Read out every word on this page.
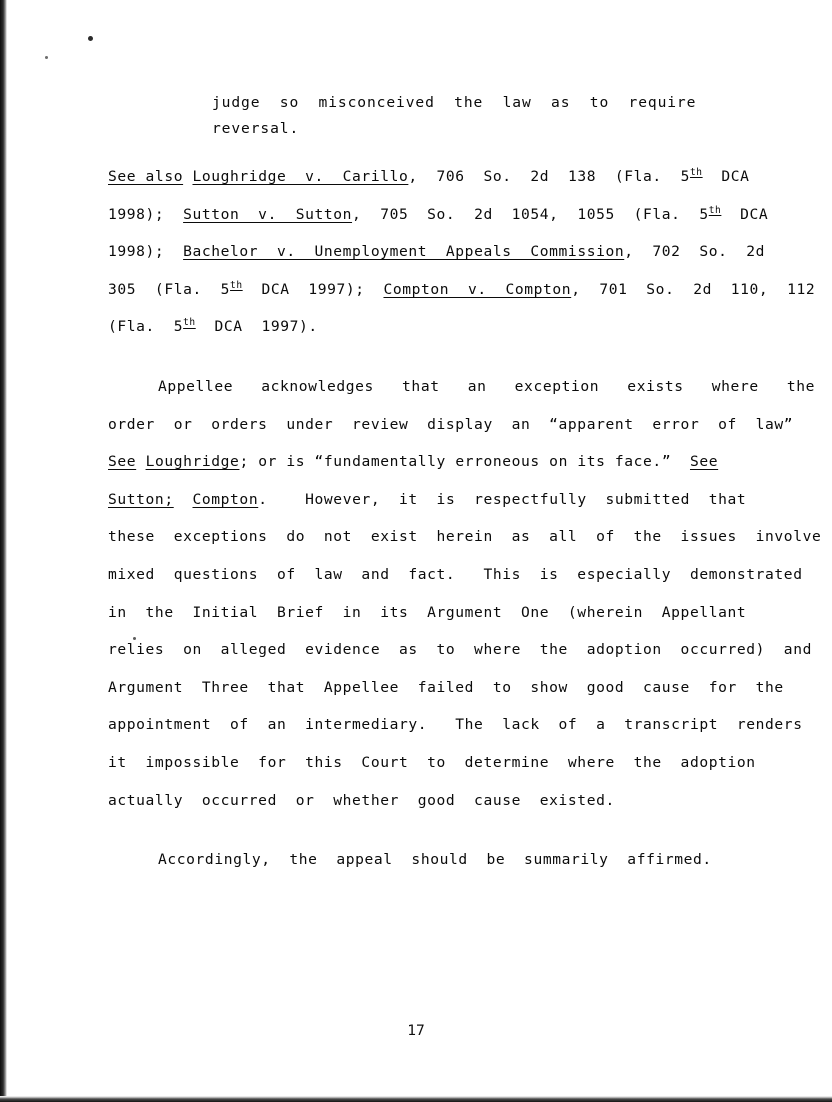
judge  so  misconceived  the  law  as  to  require
reversal.
See also Loughridge  v.  Carillo,  706  So.  2d  138  (Fla.  5th  DCA
1998);  Sutton  v.  Sutton,  705  So.  2d  1054,  1055  (Fla.  5th  DCA
1998);  Bachelor  v.  Unemployment  Appeals  Commission,  702  So.  2d
305  (Fla.  5th  DCA  1997);  Compton  v.  Compton,  701  So.  2d  110,  112
(Fla.  5th  DCA  1997).
Appellee   acknowledges   that   an   exception   exists   where   the
order  or  orders  under  review  display  an  “apparent  error  of  law”
See Loughridge; or is “fundamentally erroneous on its face.”  See
Sutton; Compton.    However,  it  is  respectfully  submitted  that
these  exceptions  do  not  exist  herein  as  all  of  the  issues  involve
mixed  questions  of  law  and  fact.   This  is  especially  demonstrated
in  the  Initial  Brief  in  its  Argument  One  (wherein  Appellant
relies  on  alleged  evidence  as  to  where  the  adoption  occurred)  and
Argument  Three  that  Appellee  failed  to  show  good  cause  for  the
appointment  of  an  intermediary.   The  lack  of  a  transcript  renders
it  impossible  for  this  Court  to  determine  where  the  adoption
actually  occurred  or  whether  good  cause  existed.
Accordingly,  the  appeal  should  be  summarily  affirmed.
17
